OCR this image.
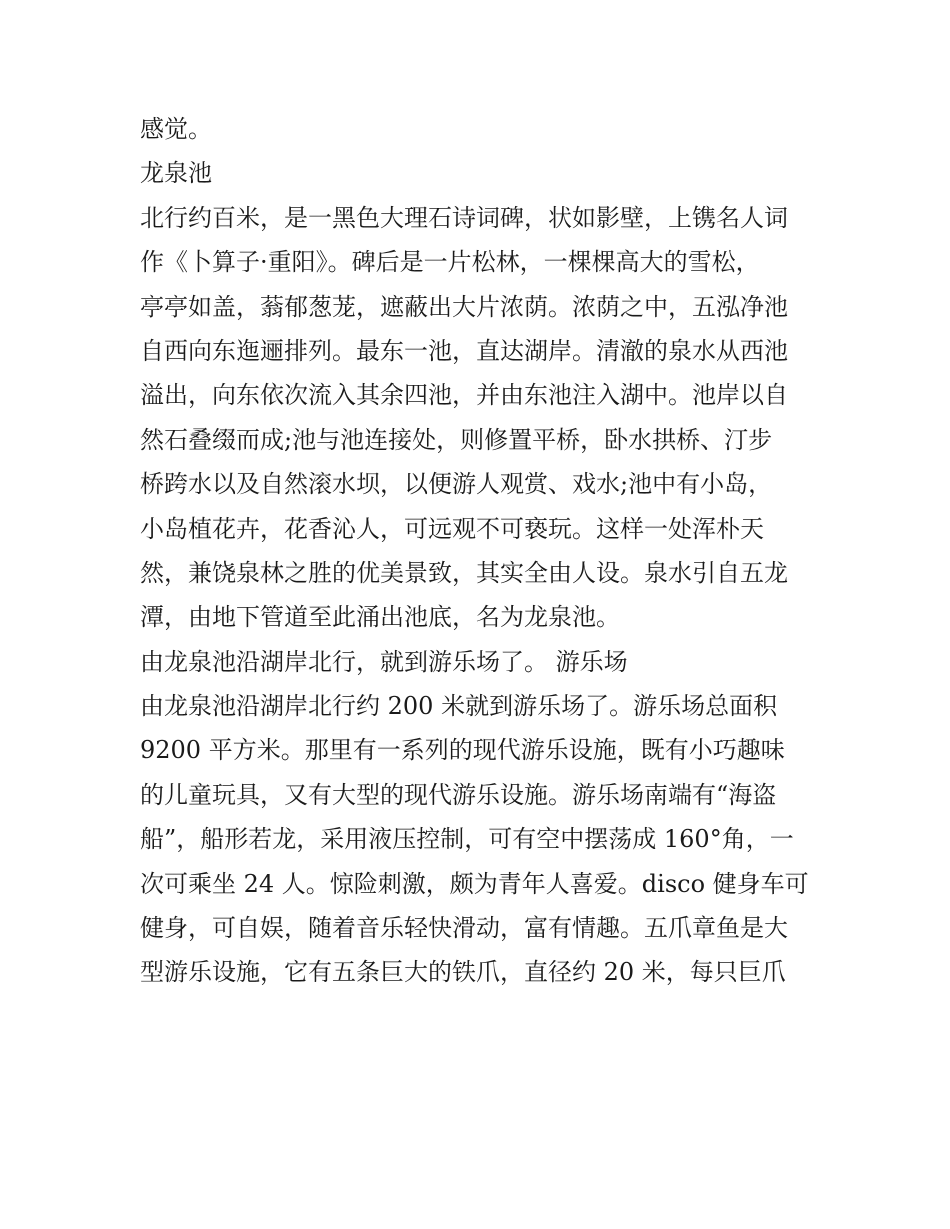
感觉。
龙泉池
北行约百米，是一黑色大理石诗词碑，状如影壁，上镌名人词
作《卜算子·重阳》。碑后是一片松林，一棵棵高大的雪松，
亭亭如盖，蓊郁葱茏，遮蔽出大片浓荫。浓荫之中，五泓净池
自西向东迤逦排列。最东一池，直达湖岸。清澈的泉水从西池
溢出，向东依次流入其余四池，并由东池注入湖中。池岸以自
然石叠缀而成;池与池连接处，则修置平桥，卧水拱桥、汀步
桥跨水以及自然滚水坝，以便游人观赏、戏水;池中有小岛，
小岛植花卉，花香沁人，可远观不可亵玩。这样一处浑朴天
然，兼饶泉林之胜的优美景致，其实全由人设。泉水引自五龙
潭，由地下管道至此涌出池底，名为龙泉池。
由龙泉池沿湖岸北行，就到游乐场了。 游乐场
由龙泉池沿湖岸北行约 200 米就到游乐场了。游乐场总面积
9200 平方米。那里有一系列的现代游乐设施，既有小巧趣味
的儿童玩具，又有大型的现代游乐设施。游乐场南端有“海盗
船”，船形若龙，采用液压控制，可有空中摆荡成 160°角，一
次可乘坐 24 人。惊险刺激，颇为青年人喜爱。disco 健身车可
健身，可自娱，随着音乐轻快滑动，富有情趣。五爪章鱼是大
型游乐设施，它有五条巨大的铁爪，直径约 20 米，每只巨爪
